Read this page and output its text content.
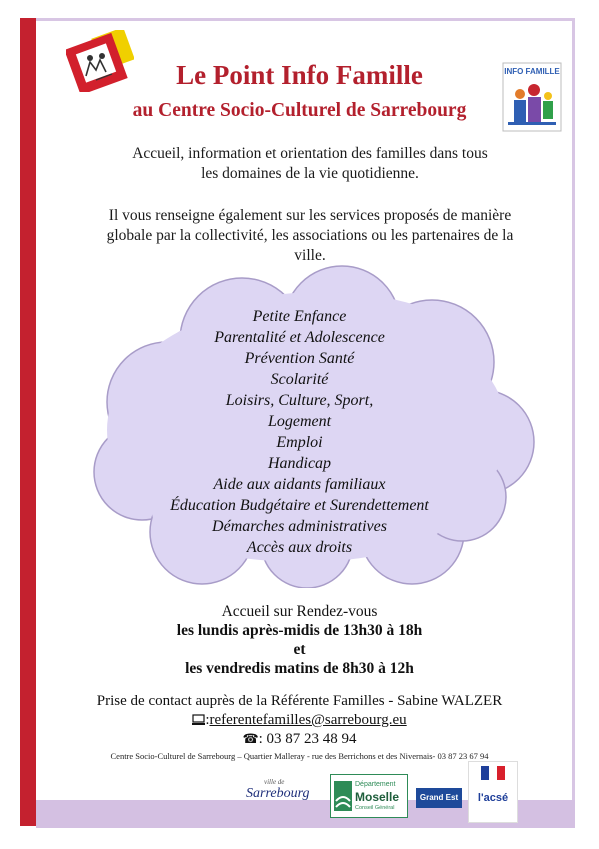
Le Point Info Famille
au Centre Socio-Culturel de Sarrebourg
INFO FAMILLE
Accueil, information et orientation des familles dans tous
les domaines de la vie quotidienne.
Il vous renseigne également sur les services proposés de manière
globale par la collectivité, les associations ou les partenaires de la
ville.
Petite Enfance
Parentalité et Adolescence
Prévention Santé
Scolarité
Loisirs, Culture, Sport,
Logement
Emploi
Handicap
Aide aux aidants familiaux
Éducation Budgétaire et Surendettement
Démarches administratives
Accès aux droits
Accueil sur Rendez-vous
les lundis après-midis de 13h30 à 18h
et
les vendredis matins de 8h30 à 12h
Prise de contact auprès de la Référente Familles - Sabine WALZER
:referentefamilles@sarrebourg.eu
☎: 03 87 23 48 94
Centre Socio-Culturel de Sarrebourg – Quartier Malleray - rue des Berrichons et des Nivernais- 03 87 23 67 94
ville de
Sarrebourg
Département
Moselle
Conseil Général
Grand Est	l'acsé
